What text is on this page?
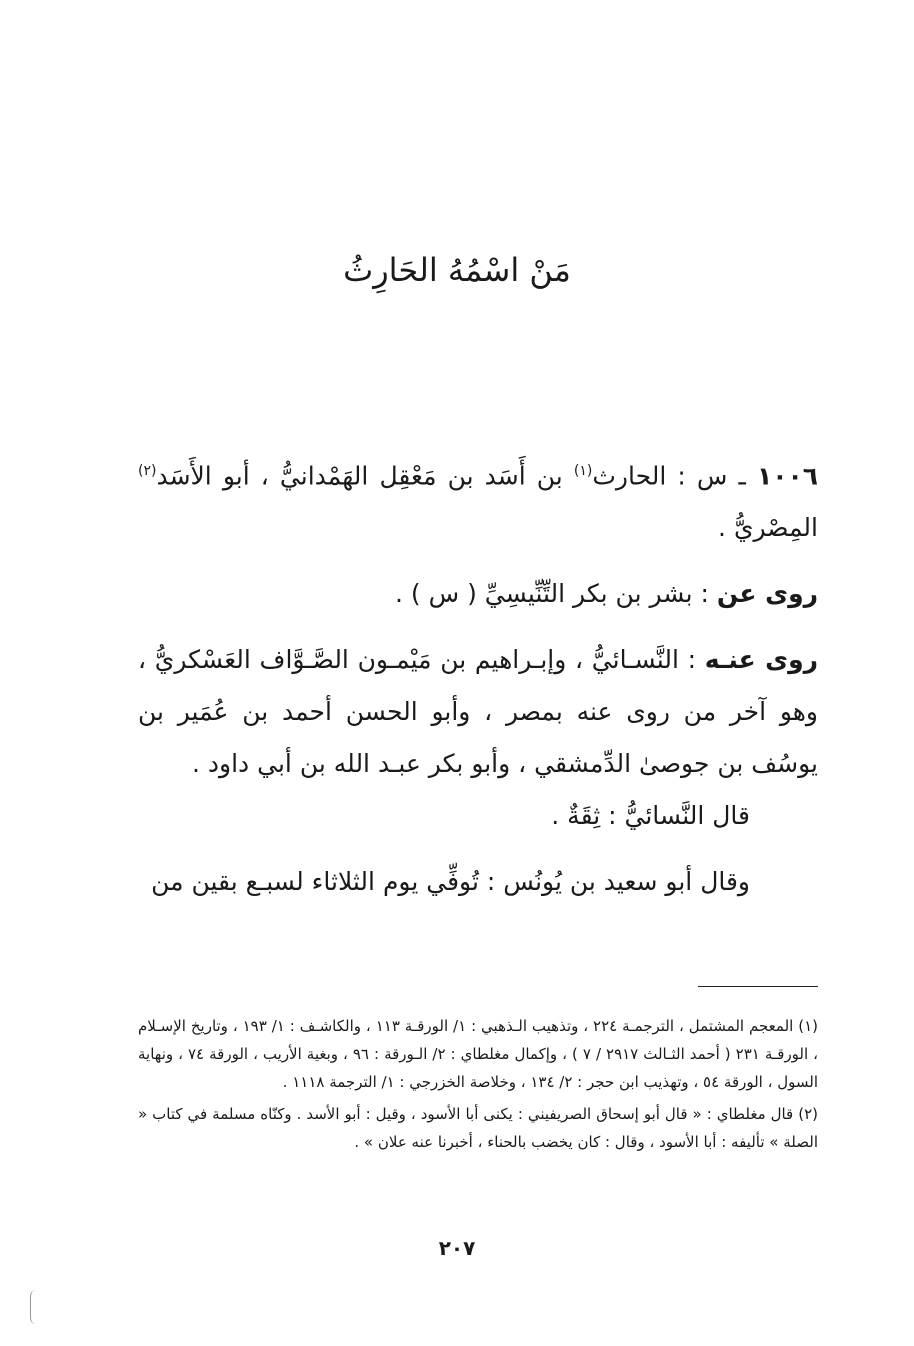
مَنْ اسْمُهُ الحَارِثُ

١٠٠٦ ـ س : الحارث$^{(١)}$ بن أَسَد بن مَعْقِل الهَمْدانيُّ ، أبو الأَسَد$^{(٢)}$ المِصْريُّ .

روى عن : بشر بن بكر التِّنِّيسِيِّ ( س ) .

روى عنـه : النَّسـائيُّ ، وإبـراهيم بن مَيْمـون الصَّـوَّاف العَسْكريُّ ، وهو آخر من روى عنه بمصر ، وأبو الحسن أحمد بن عُمَير بن يوسُف بن جوصىٰ الدِّمشقي ، وأبو بكر عبـد الله بن أبي داود .

قال النَّسائيُّ : ثِقَةٌ .

وقال أبو سعيد بن يُونُس : تُوفِّي يوم الثلاثاء لسبـع بقين من

(١) المعجم المشتمل ، الترجمـة ٢٢٤ ، وتذهيب الـذهبي : ١/ الورقـة ١١٣ ، والكاشـف : ١/ ١٩٣ ، وتاريخ الإسـلام ، الورقـة ٢٣١ ( أحمد الثـالث ٢٩١٧ / ٧ ) ، وإكمال مغلطاي : ٢/ الـورقة : ٩٦ ، وبغية الأريب ، الورقة ٧٤ ، ونهاية السول ، الورقة ٥٤ ، وتهذيب ابن حجر : ٢/ ١٣٤ ، وخلاصة الخزرجي : ١/ الترجمة ١١١٨ .

(٢) قال مغلطاي : « قال أبو إسحاق الصريفيني : يكنى أبا الأسود ، وقيل : أبو الأسد . وكنّاه مسلمة في كتاب « الصلة » تأليفه : أبا الأسود ، وقال : كان يخضب بالحناء ، أخبرنا عنه علان » .

٢٠٧
